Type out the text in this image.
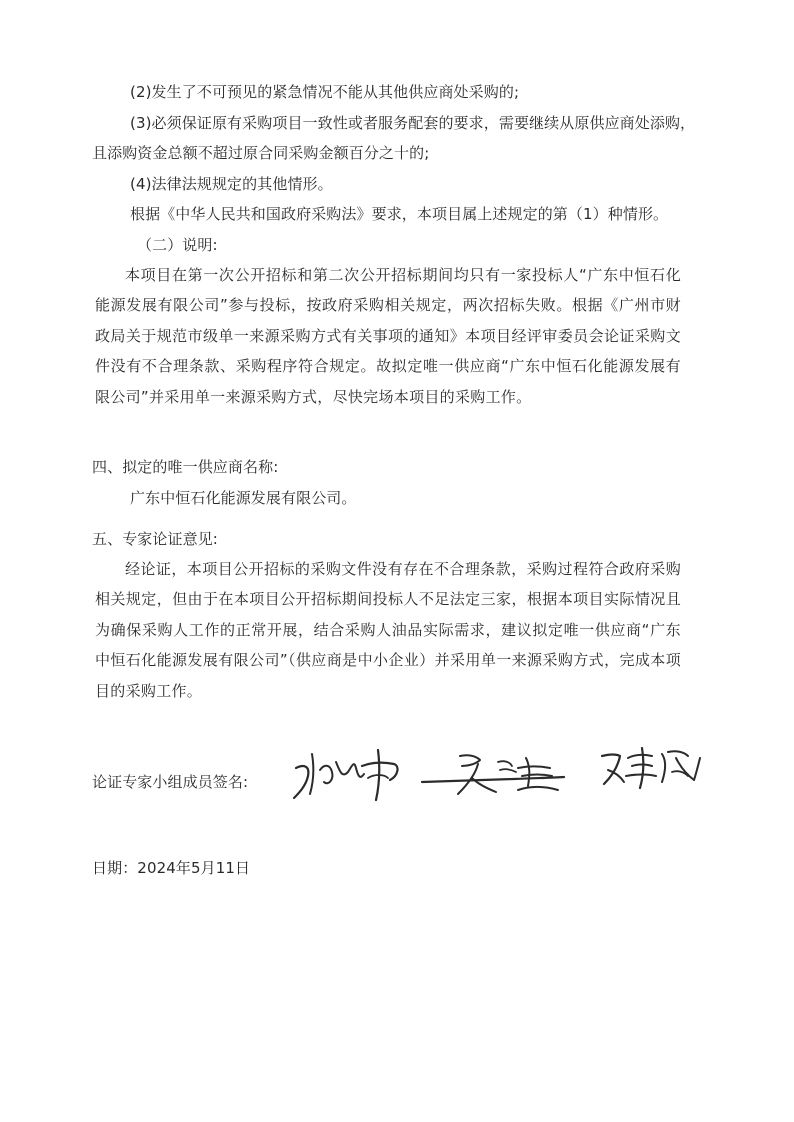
(2)发生了不可预见的紧急情况不能从其他供应商处采购的;

(3)必须保证原有采购项目一致性或者服务配套的要求，需要继续从原供应商处添购，

且添购资金总额不超过原合同采购金额百分之十的;

(4)法律法规规定的其他情形。

根据《中华人民共和国政府采购法》要求，本项目属上述规定的第（1）种情形。

（二）说明:

本项目在第一次公开招标和第二次公开招标期间均只有一家投标人“广东中恒石化能源发展有限公司”参与投标，按政府采购相关规定，两次招标失败。根据《广州市财政局关于规范市级单一来源采购方式有关事项的通知》本项目经评审委员会论证采购文件没有不合理条款、采购程序符合规定。故拟定唯一供应商“广东中恒石化能源发展有限公司”并采用单一来源采购方式，尽快完场本项目的采购工作。

四、拟定的唯一供应商名称:

广东中恒石化能源发展有限公司。

五、专家论证意见:

经论证，本项目公开招标的采购文件没有存在不合理条款，采购过程符合政府采购相关规定，但由于在本项目公开招标期间投标人不足法定三家，根据本项目实际情况且为确保采购人工作的正常开展，结合采购人油品实际需求，建议拟定唯一供应商“广东中恒石化能源发展有限公司”（供应商是中小企业）并采用单一来源采购方式，完成本项目的采购工作。

论证专家小组成员签名:

日期：2024年5月11日
